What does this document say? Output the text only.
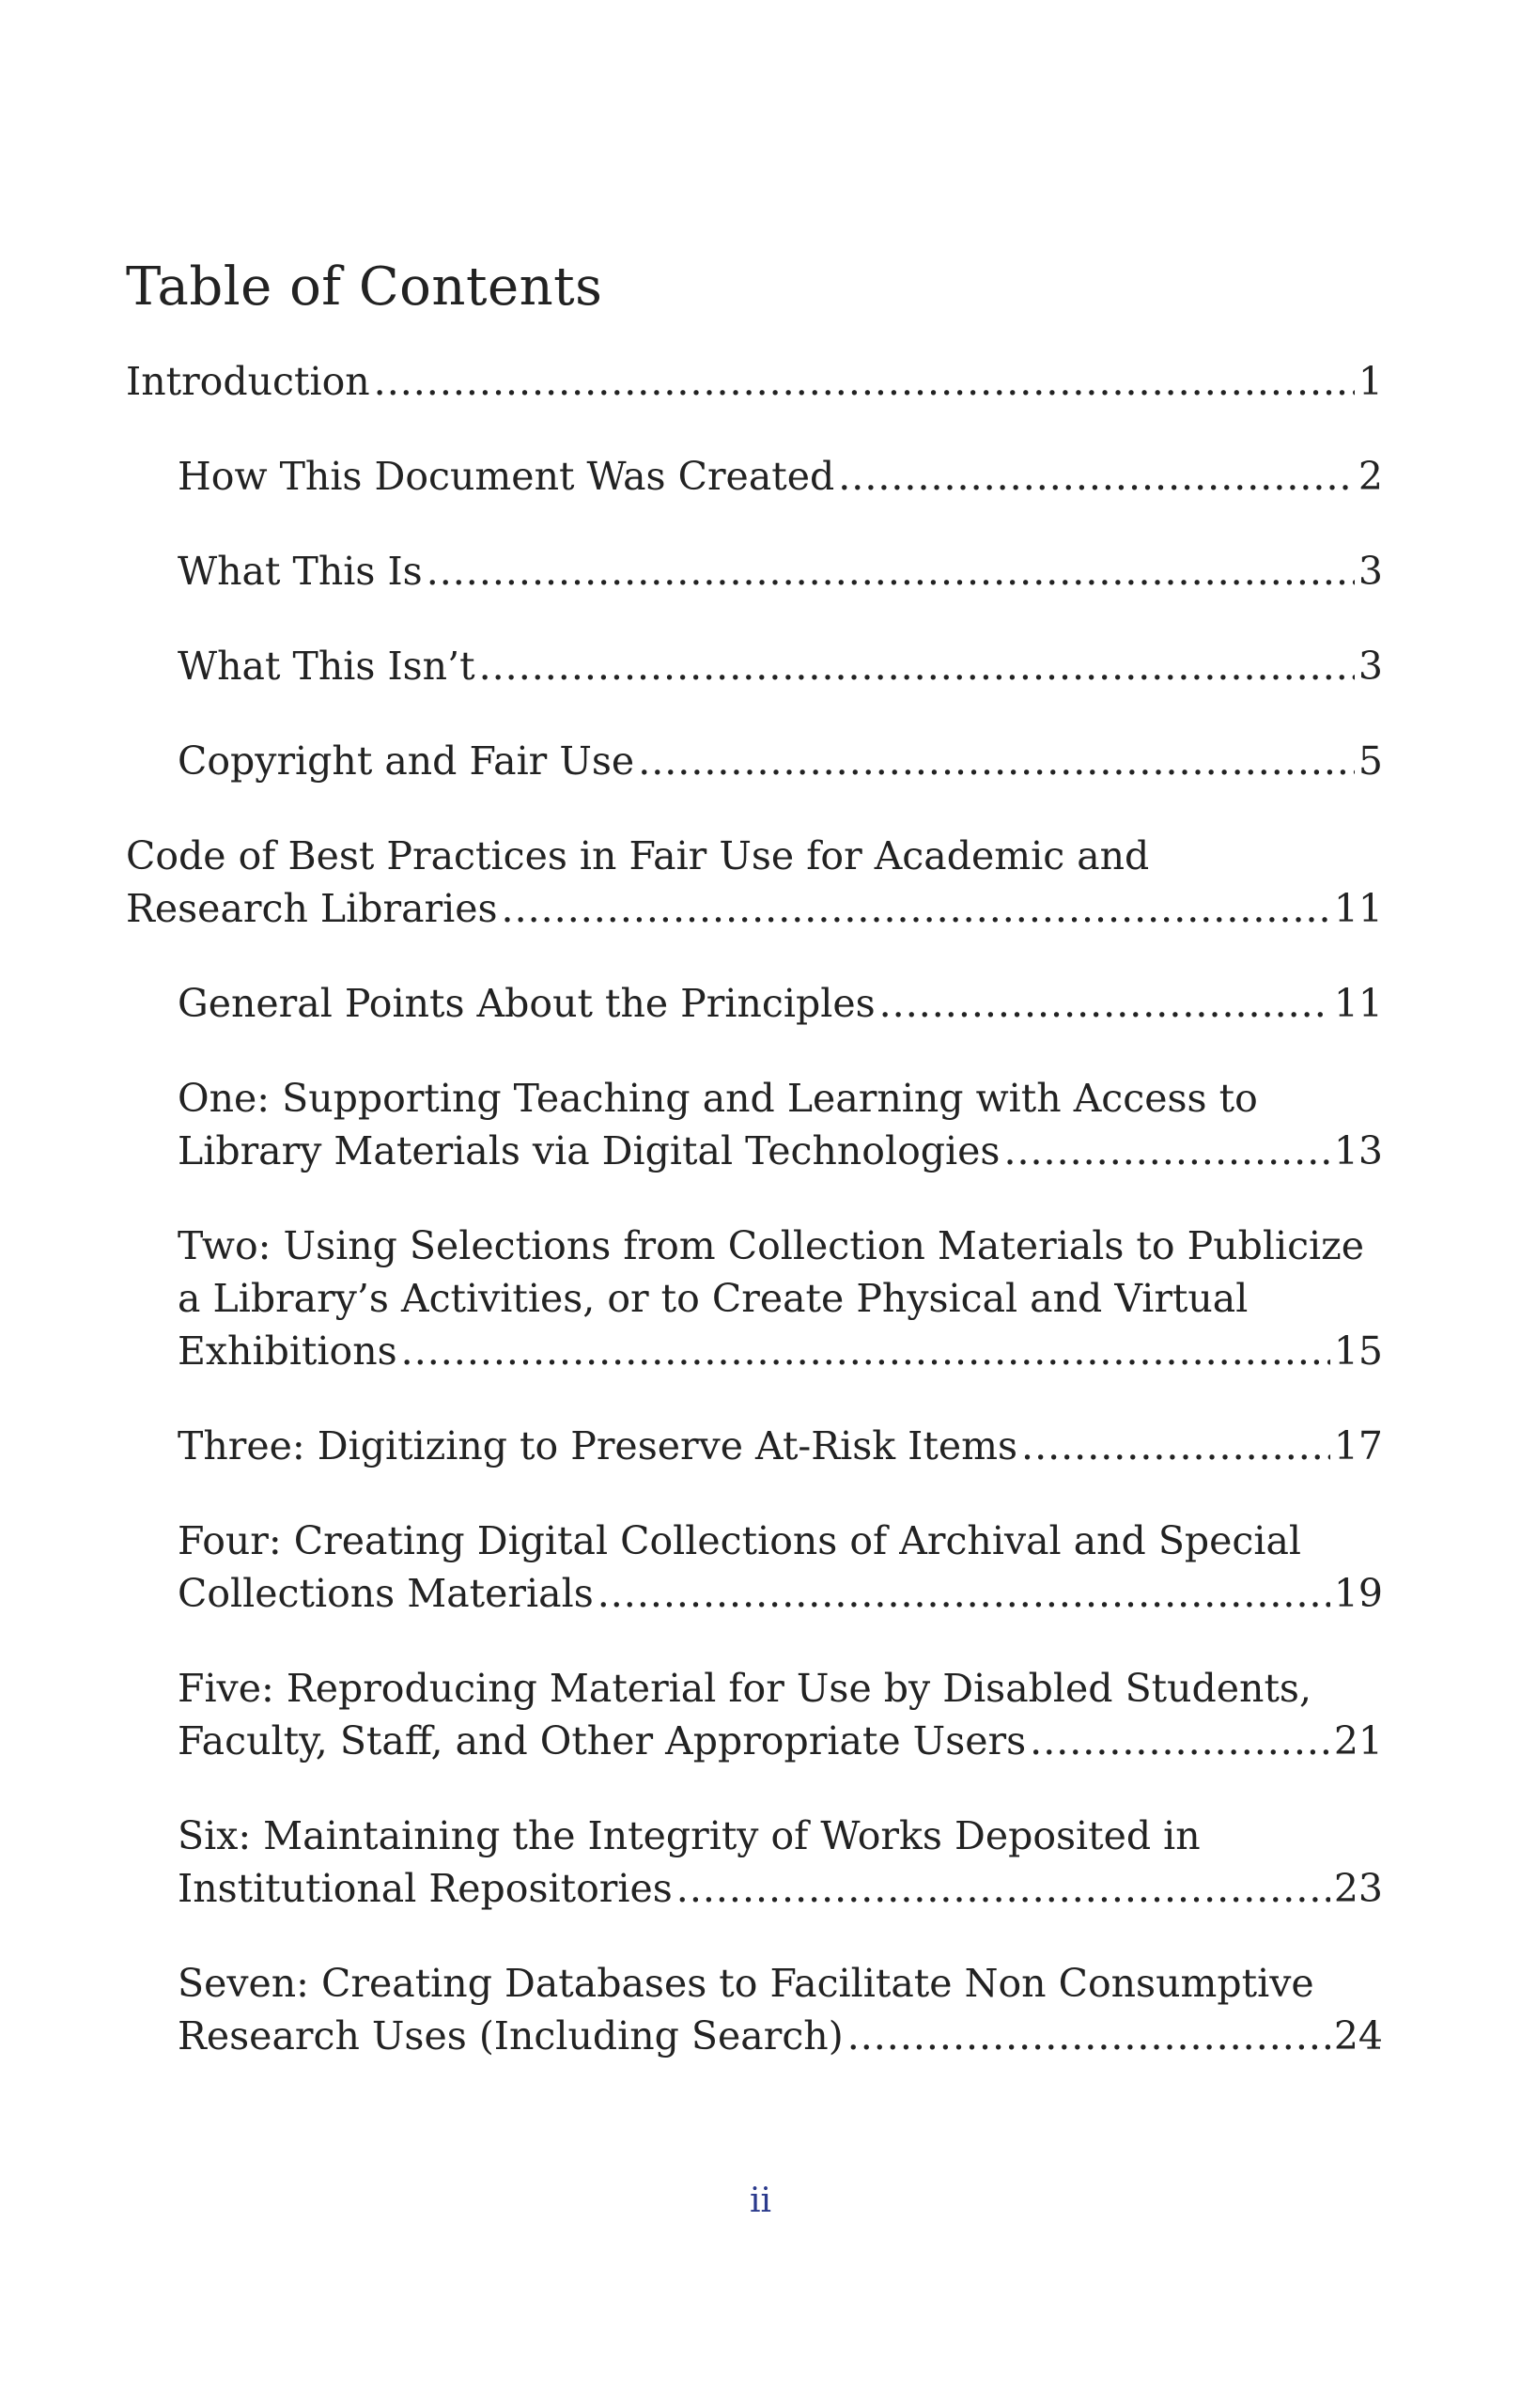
Table of Contents
Introduction .....	1
How This Document Was Created .....	2
What This Is .....	3
What This Isn’t .....	3
Copyright and Fair Use .....	5
Code of Best Practices in Fair Use for Academic and
Research Libraries .....	11
General Points About the Principles .....	11
One: Supporting Teaching and Learning with Access to
Library Materials via Digital Technologies .....	13
Two: Using Selections from Collection Materials to Publicize a Library’s Activities, or to Create Physical and Virtual
Exhibitions .....	15
Three: Digitizing to Preserve At-Risk Items .....	17
Four: Creating Digital Collections of Archival and Special
Collections Materials .....	19
Five: Reproducing Material for Use by Disabled Students,
Faculty, Staff, and Other Appropriate Users .....	21
Six: Maintaining the Integrity of Works Deposited in
Institutional Repositories .....	23
Seven: Creating Databases to Facilitate Non Consumptive
Research Uses (Including Search) .....	24
ii
